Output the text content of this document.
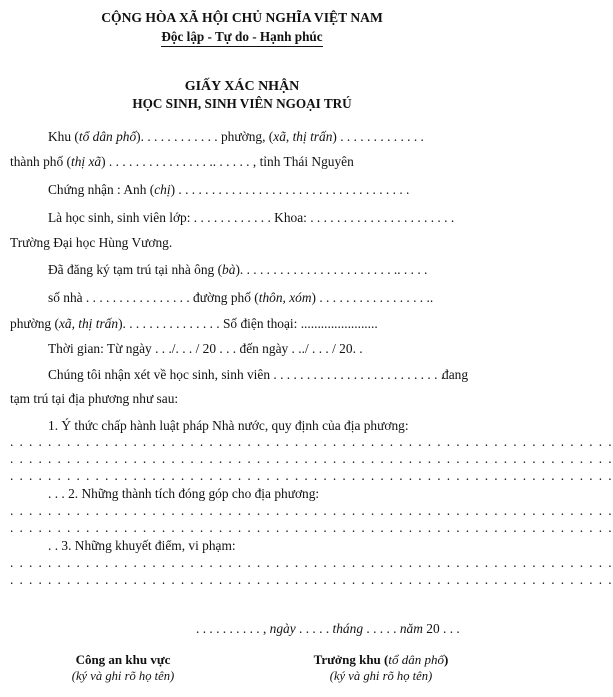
CỘNG HÒA XÃ HỘI CHỦ NGHĨA VIỆT NAM
Độc lập - Tự do - Hạnh phúc
GIẤY XÁC NHẬN
HỌC SINH, SINH VIÊN NGOẠI TRÚ
Khu (tổ dân phố). . . . . . . . . . . . phường, (xã, thị trấn) . . . . . . . . . . . . .
thành phố (thị xã) . . . . . . . . . . . . . . . .. . . . . . , tỉnh Thái Nguyên
Chứng nhận : Anh (chị) . . . . . . . . . . . . . . . . . . . . . . . . . . . . . . . . . . .
Là học sinh, sinh viên lớp: . . . . . . . . . . . . Khoa: . . . . . . . . . . . . . . . . . . . . . .
Trường Đại học Hùng Vương.
Đã đăng ký tạm trú tại nhà ông (bà). . . . . . . . . . . . . . . . . . . . . . . .. . . . .
số nhà . . . . . . . . . . . . . . . . đường phố (thôn, xóm) . . . . . . . . . . . . . . . . ..
phường (xã, thị trấn). . . . . . . . . . . . . . . Số điện thoại: .......................
Thời gian: Từ ngày . . ./. . . / 20 . . . đến ngày . ../ . . . / 20. .
Chúng tôi nhận xét về học sinh, sinh viên . . . . . . . . . . . . . . . . . . . . . . . . . .
đang
tạm trú tại địa phương như sau:
1. Ý thức chấp hành luật pháp Nhà nước, quy định của địa phương:
. . . . . . . . . . . . . . . . . . . . . . . . . . . . . . . . . . . . . . . . . . . . . . . . . . . . . . . . . . . . . . . .
. . . . . . . . . . . . . . . . . . . . . . . . . . . . . . . . . . . . . . . . . . . . . . . . . . . . . . . . . . . . . . . .
. . . . . . . . . . . . . . . . . . . . . . . . . . . . . . . . . . . . . . . . . . . . . . . . . . . . . . . . . . . . . . . .
. . . 2. Những thành tích đóng góp cho địa phương:
. . . . . . . . . . . . . . . . . . . . . . . . . . . . . . . . . . . . . . . . . . . . . . . . . . . . . . . . . . . . . . . .
. . . . . . . . . . . . . . . . . . . . . . . . . . . . . . . . . . . . . . . . . . . . . . . . . . . . . . . . . . . . . . . .
. . 3. Những khuyết điểm, vi phạm:
. . . . . . . . . . . . . . . . . . . . . . . . . . . . . . . . . . . . . . . . . . . . . . . . . . . . . . . . . . . . . . . .
. . . . . . . . . . . . . . . . . . . . . . . . . . . . . . . . . . . . . . . . . . . . . . . . . . . . . . . . . . . . . . . .
. . . . . . . . . . , ngày . . . . . tháng . . . . . năm 20 . . .
Công an khu vực
(ký và ghi rõ họ tên)
Trưởng khu (tổ dân phố)
(ký và ghi rõ họ tên)
